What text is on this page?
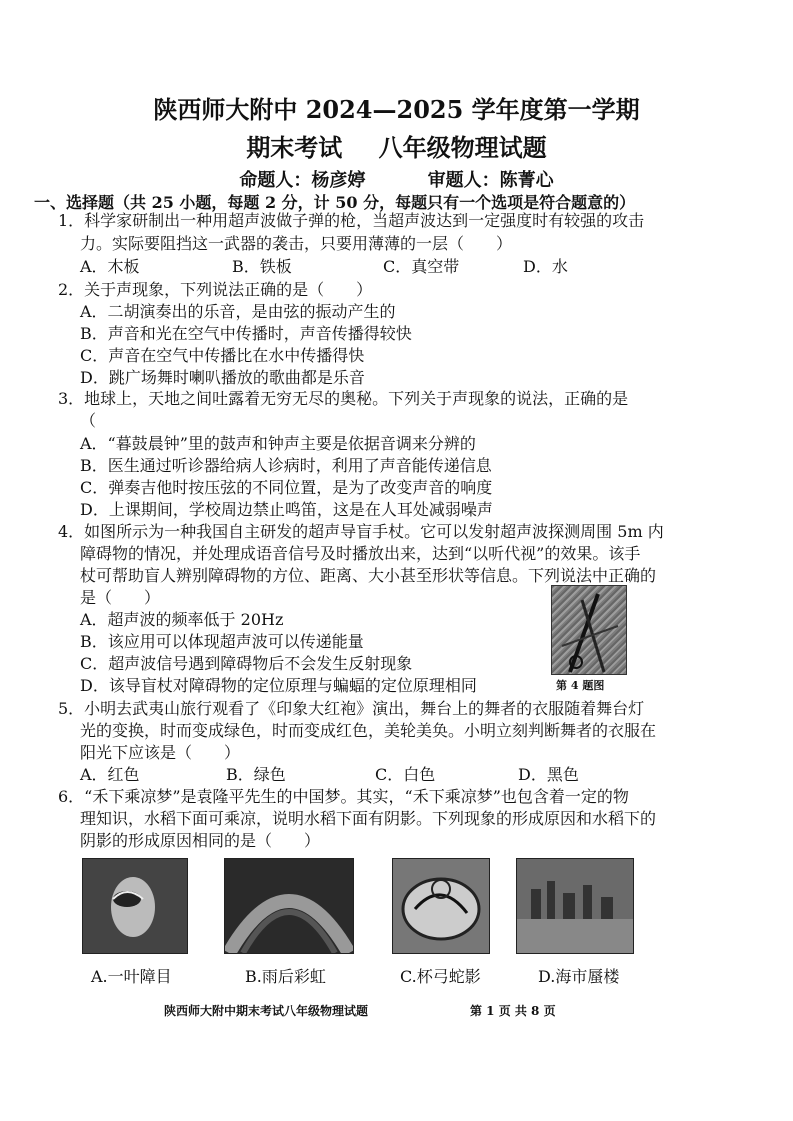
陕西师大附中 2024—2025 学年度第一学期
期末考试 八年级物理试题
命题人：杨彦婷	审题人：陈菁心
一、选择题（共 25 小题，每题 2 分，计 50 分，每题只有一个选项是符合题意的）
1．科学家研制出一种用超声波做子弹的枪，当超声波达到一定强度时有较强的攻击
力。实际要阻挡这一武器的袭击，只要用薄薄的一层（　　）
A．木板	B．铁板	C．真空带	D．水
2．关于声现象，下列说法正确的是（　　）
A．二胡演奏出的乐音，是由弦的振动产生的
B．声音和光在空气中传播时，声音传播得较快
C．声音在空气中传播比在水中传播得快
D．跳广场舞时喇叭播放的歌曲都是乐音
3．地球上，天地之间吐露着无穷无尽的奥秘。下列关于声现象的说法，正确的是
（
A．“暮鼓晨钟”里的鼓声和钟声主要是依据音调来分辨的
B．医生通过听诊器给病人诊病时，利用了声音能传递信息
C．弹奏吉他时按压弦的不同位置，是为了改变声音的响度
D．上课期间，学校周边禁止鸣笛，这是在人耳处减弱噪声
4．如图所示为一种我国自主研发的超声导盲手杖。它可以发射超声波探测周围 5m 内
障碍物的情况，并处理成语音信号及时播放出来，达到“以听代视”的效果。该手
杖可帮助盲人辨别障碍物的方位、距离、大小甚至形状等信息。下列说法中正确的
是（　　）
A．超声波的频率低于 20Hz
B．该应用可以体现超声波可以传递能量
C．超声波信号遇到障碍物后不会发生反射现象
D．该导盲杖对障碍物的定位原理与蝙蝠的定位原理相同	第 4 题图
5．小明去武夷山旅行观看了《印象大红袍》演出，舞台上的舞者的衣服随着舞台灯
光的变换，时而变成绿色，时而变成红色，美轮美奂。小明立刻判断舞者的衣服在
阳光下应该是（　　）
A．红色	B．绿色	C．白色	D．黑色
6．“禾下乘凉梦”是袁隆平先生的中国梦。其实，“禾下乘凉梦”也包含着一定的物
理知识，水稻下面可乘凉，说明水稻下面有阴影。下列现象的形成原因和水稻下的
阴影的形成原因相同的是（　　）
A.一叶障目	B.雨后彩虹	C.杯弓蛇影	D.海市蜃楼
陕西师大附中期末考试八年级物理试题	第 1 页 共 8 页
